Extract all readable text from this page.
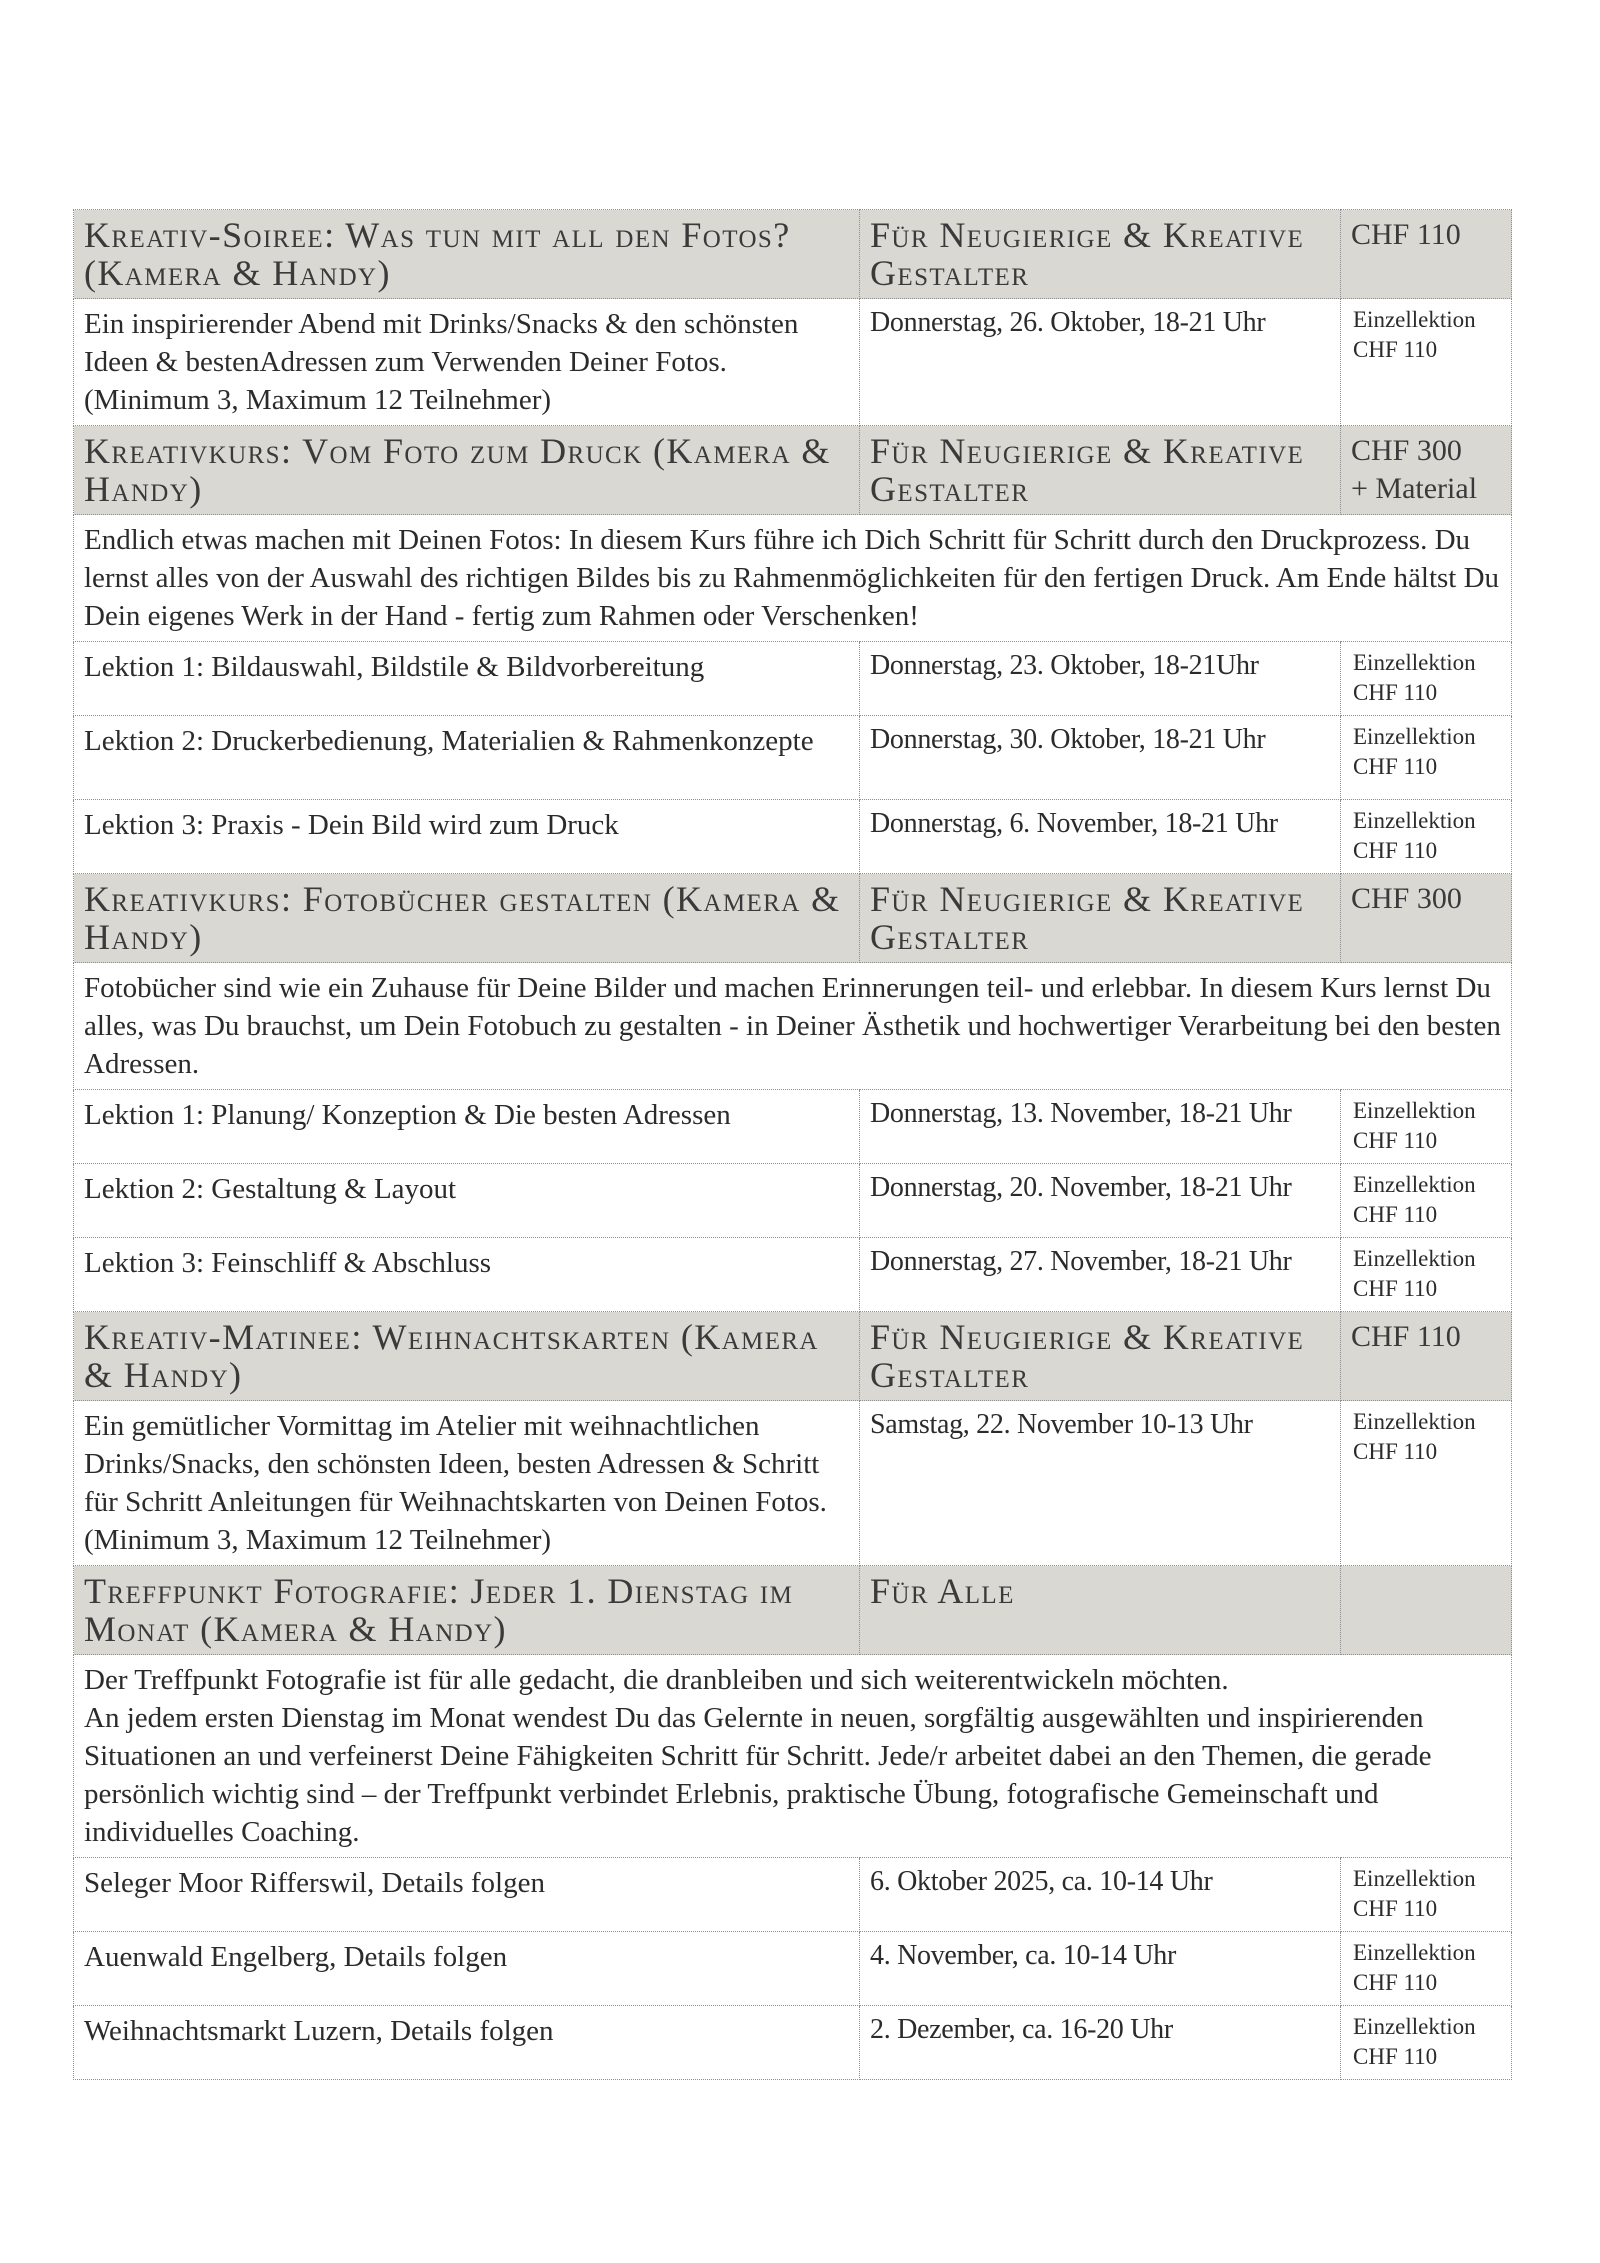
Kreativ-Soiree: Was tun mit all den Fotos? (Kamera & Handy)	Für Neugierige & Kreative Gestalter	CHF 110
Ein inspirierender Abend mit Drinks/Snacks & den schönsten Ideen & bestenAdressen zum Verwenden Deiner Fotos. (Minimum 3, Maximum 12 Teilnehmer)	Donnerstag, 26. Oktober, 18-21 Uhr	Einzellektion
CHF 110

Kreativkurs: Vom Foto zum Druck (Kamera & Handy)	Für Neugierige & Kreative Gestalter	CHF 300
+ Material

Endlich etwas machen mit Deinen Fotos: In diesem Kurs führe ich Dich Schritt für Schritt durch den Druckprozess. Du lernst alles von der Auswahl des richtigen Bildes bis zu Rahmenmöglichkeiten für den fertigen Druck. Am Ende hältst Du Dein eigenes Werk in der Hand - fertig zum Rahmen oder Verschenken!		
Lektion 1: Bildauswahl, Bildstile & Bildvorbereitung	Donnerstag, 23. Oktober, 18-21Uhr	Einzellektion
CHF 110

Lektion 2: Druckerbedienung, Materialien & Rahmenkonzepte	Donnerstag, 30. Oktober, 18-21 Uhr	Einzellektion
CHF 110

Lektion 3: Praxis - Dein Bild wird zum Druck	Donnerstag, 6. November, 18-21 Uhr	Einzellektion
CHF 110

Kreativkurs: Fotobücher gestalten (Kamera & Handy)	Für Neugierige & Kreative Gestalter	CHF 300
Fotobücher sind wie ein Zuhause für Deine Bilder und machen Erinnerungen teil- und erlebbar. In diesem Kurs lernst Du alles, was Du brauchst, um Dein Fotobuch zu gestalten - in Deiner Ästhetik und hochwertiger Verarbeitung bei den besten Adressen.		
Lektion 1: Planung/ Konzeption & Die besten Adressen	Donnerstag, 13. November, 18-21 Uhr	Einzellektion
CHF 110

Lektion 2: Gestaltung & Layout	Donnerstag, 20. November, 18-21 Uhr	Einzellektion
CHF 110

Lektion 3: Feinschliff & Abschluss	Donnerstag, 27. November, 18-21 Uhr	Einzellektion
CHF 110

Kreativ-Matinee: Weihnachtskarten (Kamera & Handy)	Für Neugierige & Kreative Gestalter	CHF 110
Ein gemütlicher Vormittag im Atelier mit weihnachtlichen Drinks/Snacks, den schönsten Ideen, besten Adressen & Schritt für Schritt Anleitungen für Weihnachtskarten von Deinen Fotos. (Minimum 3, Maximum 12 Teilnehmer)	Samstag, 22. November 10-13 Uhr	Einzellektion
CHF 110

Treffpunkt Fotografie: Jeder 1. Dienstag im Monat (Kamera & Handy)	Für Alle	

Der Treffpunkt Fotografie ist für alle gedacht, die dranbleiben und sich weiterentwickeln möchten.
An jedem ersten Dienstag im Monat wendest Du das Gelernte in neuen, sorgfältig ausgewählten und inspirierenden Situationen an und verfeinerst Deine Fähigkeiten Schritt für Schritt. Jede/r arbeitet dabei an den Themen, die gerade persönlich wichtig sind – der Treffpunkt verbindet Erlebnis, praktische Übung, fotografische Gemeinschaft und individuelles Coaching.		

Seleger Moor Rifferswil, Details folgen	6. Oktober 2025, ca. 10-14 Uhr	Einzellektion
CHF 110

Auenwald Engelberg, Details folgen	4. November, ca. 10-14 Uhr	Einzellektion
CHF 110

Weihnachtsmarkt Luzern, Details folgen	2. Dezember, ca. 16-20 Uhr	Einzellektion
CHF 110
